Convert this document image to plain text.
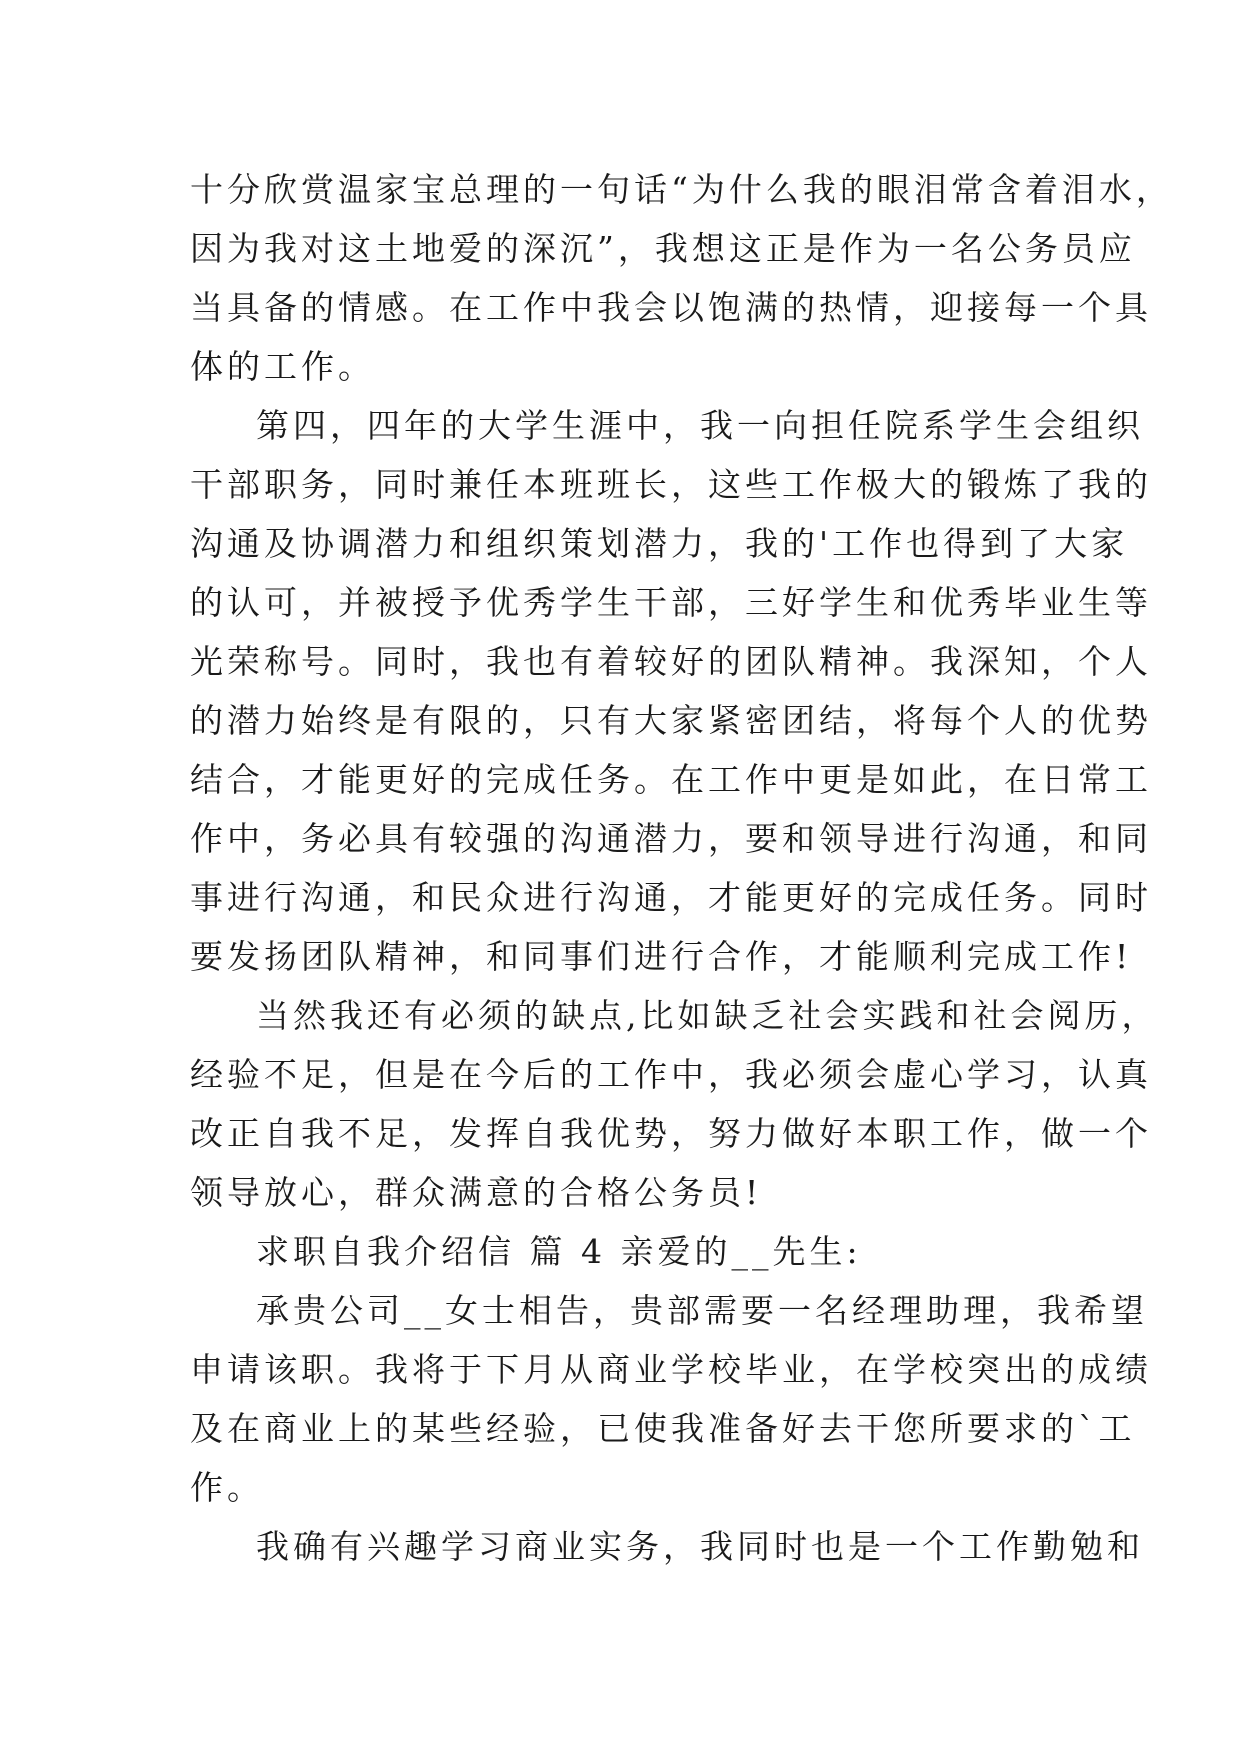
十分欣赏温家宝总理的一句话“为什么我的眼泪常含着泪水，
因为我对这土地爱的深沉”，我想这正是作为一名公务员应
当具备的情感。在工作中我会以饱满的热情，迎接每一个具
体的工作。
第四，四年的大学生涯中，我一向担任院系学生会组织
干部职务，同时兼任本班班长，这些工作极大的锻炼了我的
沟通及协调潜力和组织策划潜力，我的'工作也得到了大家
的认可，并被授予优秀学生干部，三好学生和优秀毕业生等
光荣称号。同时，我也有着较好的团队精神。我深知，个人
的潜力始终是有限的，只有大家紧密团结，将每个人的优势
结合，才能更好的完成任务。在工作中更是如此，在日常工
作中，务必具有较强的沟通潜力，要和领导进行沟通，和同
事进行沟通，和民众进行沟通，才能更好的完成任务。同时
要发扬团队精神，和同事们进行合作，才能顺利完成工作!
当然我还有必须的缺点,比如缺乏社会实践和社会阅历，
经验不足，但是在今后的工作中，我必须会虚心学习，认真
改正自我不足，发挥自我优势，努力做好本职工作，做一个
领导放心，群众满意的合格公务员!
求职自我介绍信 篇 4 亲爱的__先生:
承贵公司__女士相告，贵部需要一名经理助理，我希望
申请该职。我将于下月从商业学校毕业，在学校突出的成绩
及在商业上的某些经验，已使我准备好去干您所要求的`工
作。
我确有兴趣学习商业实务，我同时也是一个工作勤勉和
